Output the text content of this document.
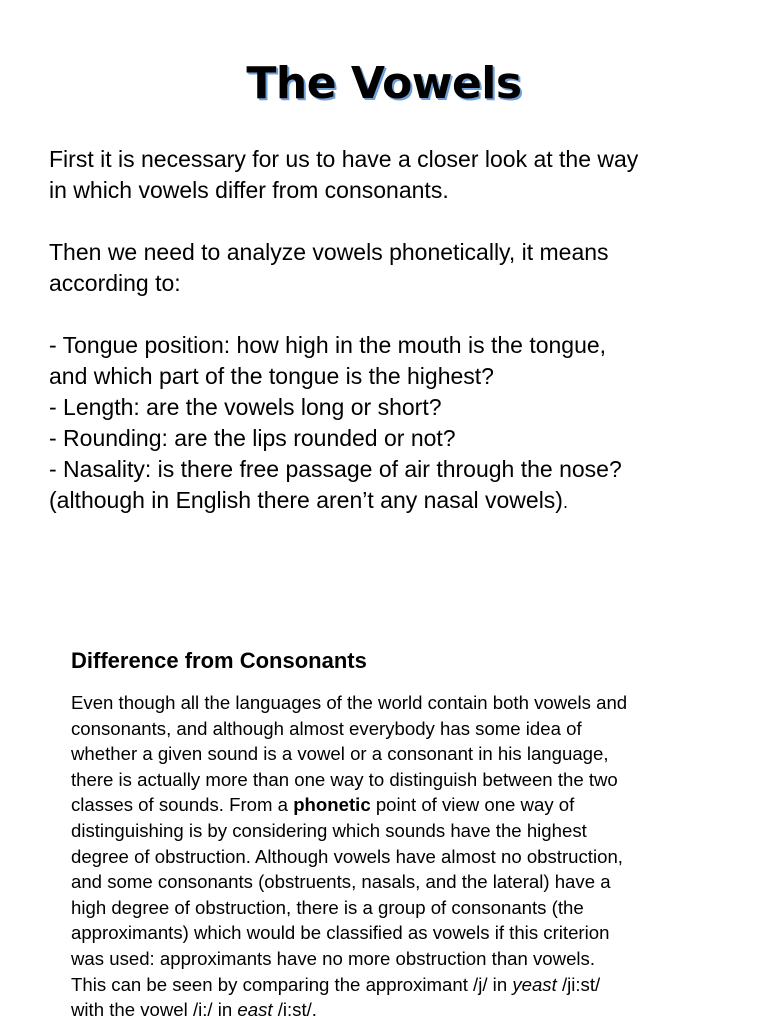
The Vowels

First it is necessary for us to have a closer look at the way

in which vowels differ from consonants.

Then we need to analyze vowels phonetically, it means

according to:

- Tongue position: how high in the mouth is the tongue,

and which part of the tongue is the highest?

- Length: are the vowels long or short?

- Rounding: are the lips rounded or not?

- Nasality: is there free passage of air through the nose?

(although in English there aren’t any nasal vowels).

Difference from Consonants
Even though all the languages of the world contain both vowels and
consonants, and although almost everybody has some idea of
whether a given sound is a vowel or a consonant in his language,
there is actually more than one way to distinguish between the two
classes of sounds. From a phonetic point of view one way of
distinguishing is by considering which sounds have the highest
degree of obstruction. Although vowels have almost no obstruction,
and some consonants (obstruents, nasals, and the lateral) have a
high degree of obstruction, there is a group of consonants (the
approximants) which would be classified as vowels if this criterion
was used: approximants have no more obstruction than vowels.
This can be seen by comparing the approximant /j/ in yeast /ji:st/
with the vowel /i:/ in east /i:st/.
